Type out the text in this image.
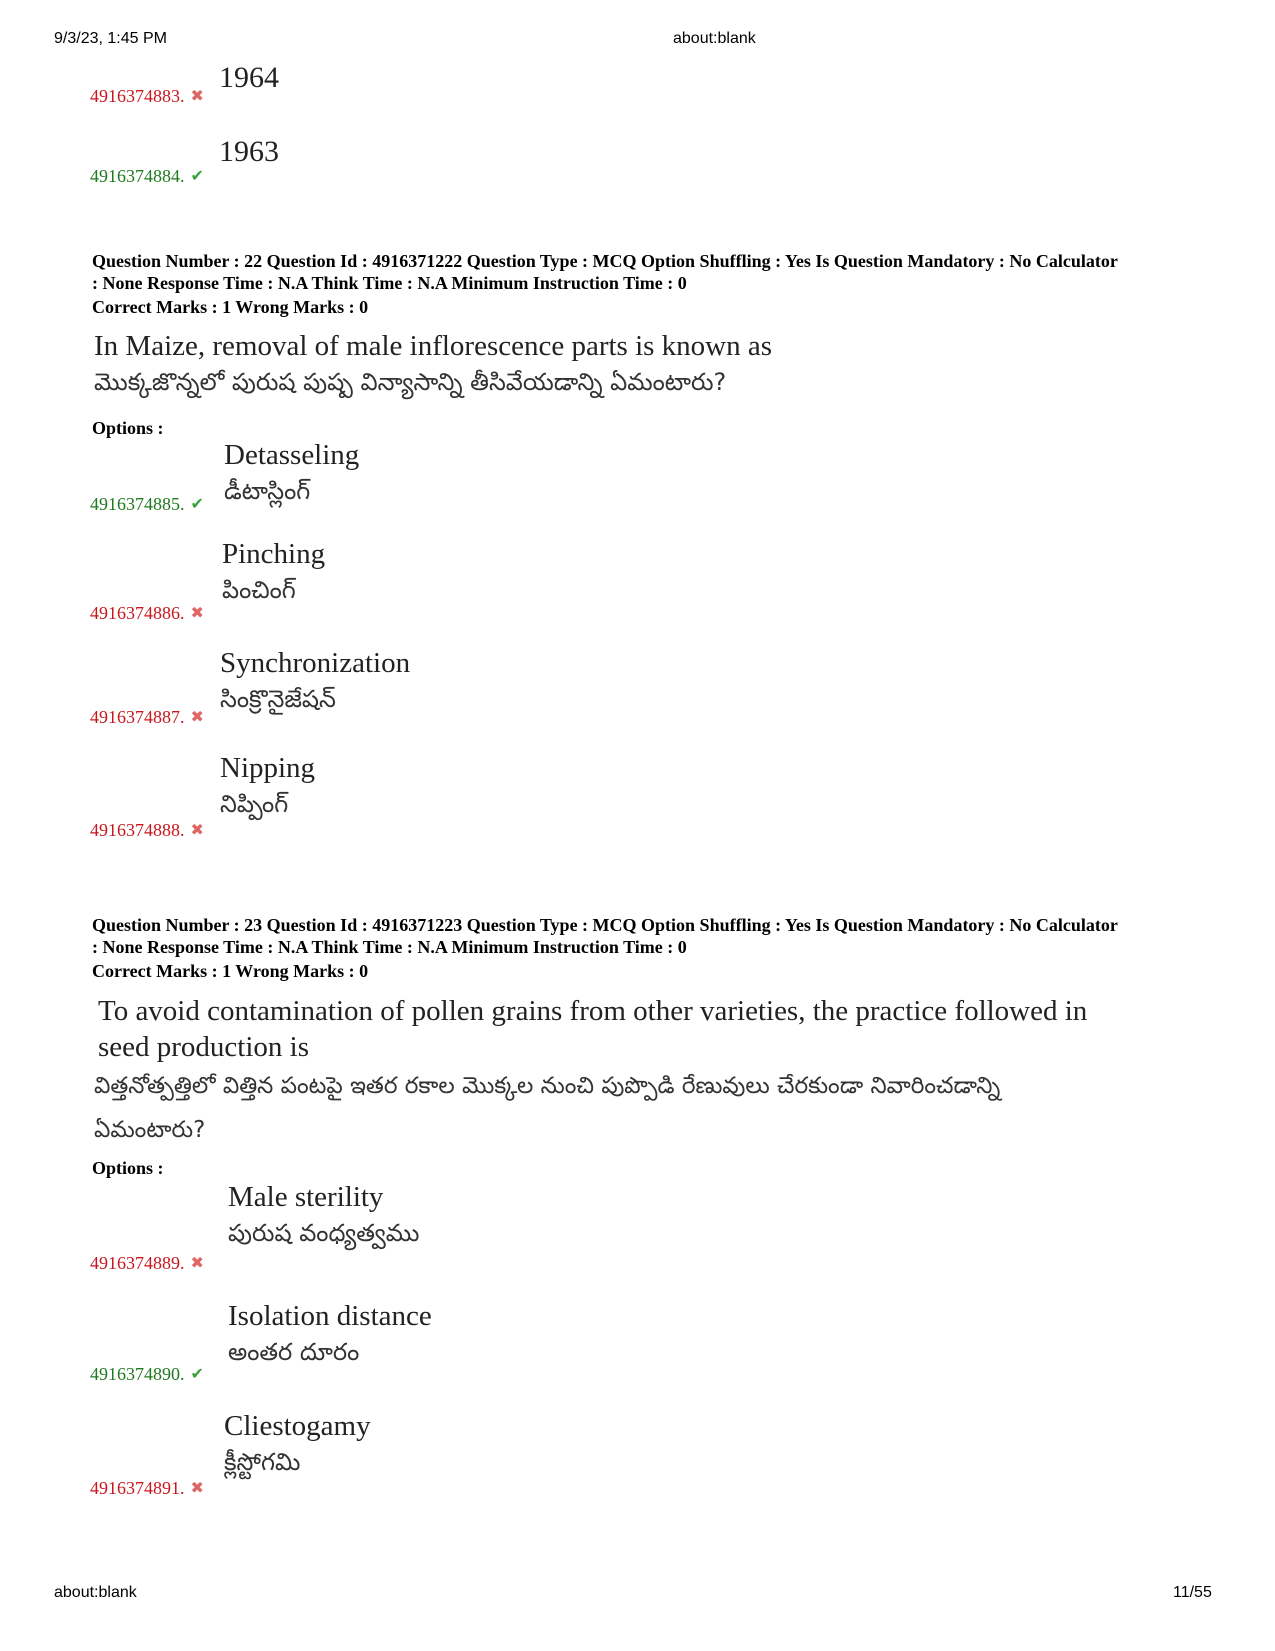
9/3/23, 1:45 PM	about:blank
4916374883. ✖
1964
4916374884. ✔
1963
Question Number : 22 Question Id : 4916371222 Question Type : MCQ Option Shuffling : Yes Is Question Mandatory : No Calculator
: None Response Time : N.A Think Time : N.A Minimum Instruction Time : 0
Correct Marks : 1 Wrong Marks : 0
In Maize, removal of male inflorescence parts is known as
మొక్కజొన్నలో పురుష పుష్ప విన్యాసాన్ని తీసివేయడాన్ని ఏమంటారు?
Options :
Detasseling
డీటాస్లింగ్
4916374885. ✔
Pinching
పించింగ్
4916374886. ✖
Synchronization
సింక్రొనైజేషన్
4916374887. ✖
Nipping
నిప్పింగ్
4916374888. ✖
Question Number : 23 Question Id : 4916371223 Question Type : MCQ Option Shuffling : Yes Is Question Mandatory : No Calculator
: None Response Time : N.A Think Time : N.A Minimum Instruction Time : 0
Correct Marks : 1 Wrong Marks : 0
To avoid contamination of pollen grains from other varieties, the practice followed in
seed production is
విత్తనోత్పత్తిలో విత్తిన పంటపై ఇతర రకాల మొక్కల నుంచి పుప్పొడి రేణువులు చేరకుండా నివారించడాన్ని
ఏమంటారు?
Options :
Male sterility
పురుష వంధ్యత్వము
4916374889. ✖
Isolation distance
అంతర దూరం
4916374890. ✔
Cliestogamy
క్లీస్టోగమి
4916374891. ✖
about:blank	11/55
